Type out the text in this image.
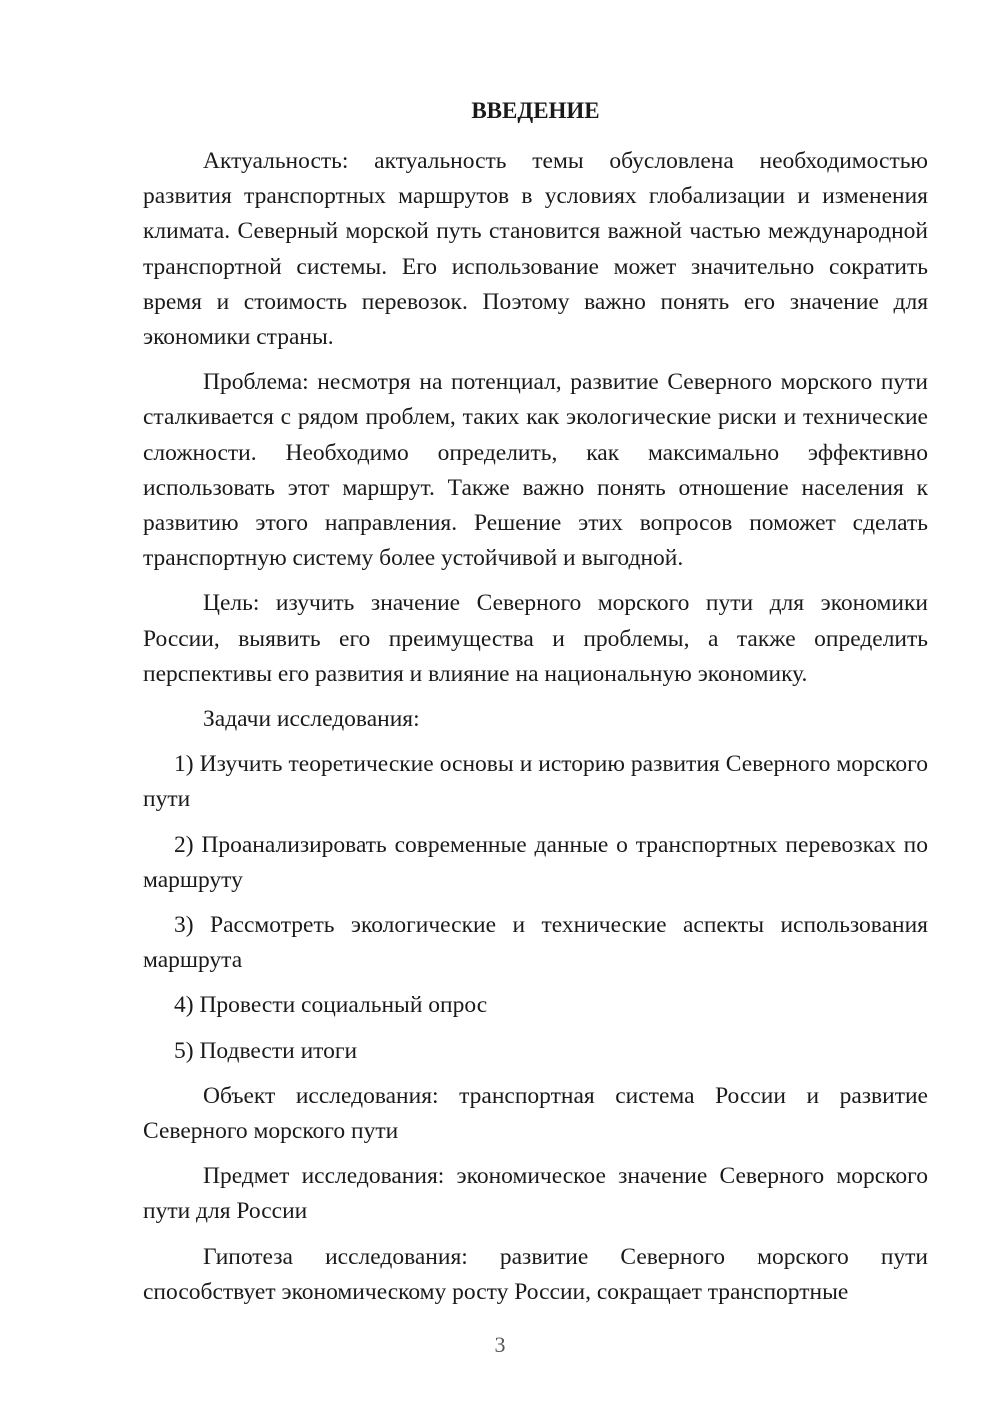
ВВЕДЕНИЕ

Актуальность: актуальность темы обусловлена необходимостью развития транспортных маршрутов в условиях глобализации и изменения климата. Северный морской путь становится важной частью международной транспортной системы. Его использование может значительно сократить время и стоимость перевозок. Поэтому важно понять его значение для экономики страны.

Проблема: несмотря на потенциал, развитие Северного морского пути сталкивается с рядом проблем, таких как экологические риски и технические сложности. Необходимо определить, как максимально эффективно использовать этот маршрут. Также важно понять отношение населения к развитию этого направления. Решение этих вопросов поможет сделать транспортную систему более устойчивой и выгодной.

Цель: изучить значение Северного морского пути для экономики России, выявить его преимущества и проблемы, а также определить перспективы его развития и влияние на национальную экономику.

Задачи исследования:

1) Изучить теоретические основы и историю развития Северного морского пути

2) Проанализировать современные данные о транспортных перевозках по маршруту

3) Рассмотреть экологические и технические аспекты использования маршрута

4) Провести социальный опрос

5) Подвести итоги

Объект исследования: транспортная система России и развитие Северного морского пути

Предмет исследования: экономическое значение Северного морского пути для России

Гипотеза исследования: развитие Северного морского пути способствует экономическому росту России, сокращает транспортные

3
